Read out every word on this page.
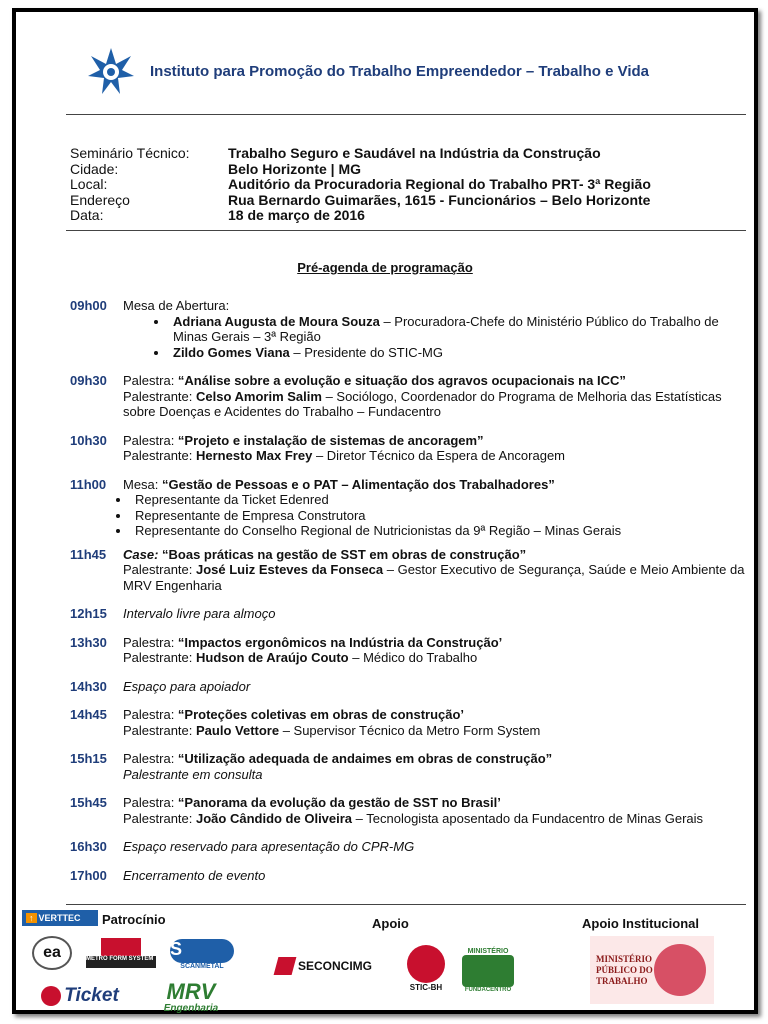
Instituto para Promoção do Trabalho Empreendedor – Trabalho e Vida
Seminário Técnico:	Trabalho Seguro e Saudável na Indústria da Construção
Cidade:	Belo Horizonte | MG
Local:	Auditório da Procuradoria Regional do Trabalho PRT- 3ª Região
Endereço	Rua Bernardo Guimarães, 1615 - Funcionários – Belo Horizonte
Data:	18 de março de 2016
Pré-agenda de programação
09h00	Mesa de Abertura:
• Adriana Augusta de Moura Souza – Procuradora-Chefe do Ministério Público do Trabalho de Minas Gerais – 3ª Região
• Zildo Gomes Viana – Presidente do STIC-MG
09h30	Palestra: “Análise sobre a evolução e situação dos agravos ocupacionais na ICC”
Palestrante: Celso Amorim Salim – Sociólogo, Coordenador do Programa de Melhoria das Estatísticas sobre Doenças e Acidentes do Trabalho – Fundacentro
10h30	Palestra: “Projeto e instalação de sistemas de ancoragem”
Palestrante: Hernesto Max Frey – Diretor Técnico da Espera de Ancoragem
11h00	Mesa: “Gestão de Pessoas e o PAT – Alimentação dos Trabalhadores”
• Representante da Ticket Edenred
• Representante de Empresa Construtora
• Representante do Conselho Regional de Nutricionistas da 9ª Região – Minas Gerais
11h45	Case: “Boas práticas na gestão de SST em obras de construção”
Palestrante: José Luiz Esteves da Fonseca – Gestor Executivo de Segurança, Saúde e Meio Ambiente da MRV Engenharia
12h15	Intervalo livre para almoço
13h30	Palestra: “Impactos ergonômicos na Indústria da Construção’
Palestrante: Hudson de Araújo Couto – Médico do Trabalho
14h30	Espaço para apoiador
14h45	Palestra: “Proteções coletivas em obras de construção’
Palestrante: Paulo Vettore – Supervisor Técnico da Metro Form System
15h15	Palestra: “Utilização adequada de andaimes em obras de construção”
Palestrante em consulta
15h45	Palestra: “Panorama da evolução da gestão de SST no Brasil’
Palestrante: João Cândido de Oliveira – Tecnologista aposentado da Fundacentro de Minas Gerais
16h30	Espaço reservado para apresentação do CPR-MG
17h00	Encerramento de evento
↑ VERTTEC Patrocínio	Apoio	Apoio Institucional
ea	METRO FORM SYSTEM
S
SCANMETAL
Ticket MRV
Engenharia
SECONCIMG
STIC-BH
MINISTÉRIO
FUNDACENTRO
MINISTÉRIO
PÚBLICO DO
TRABALHO
